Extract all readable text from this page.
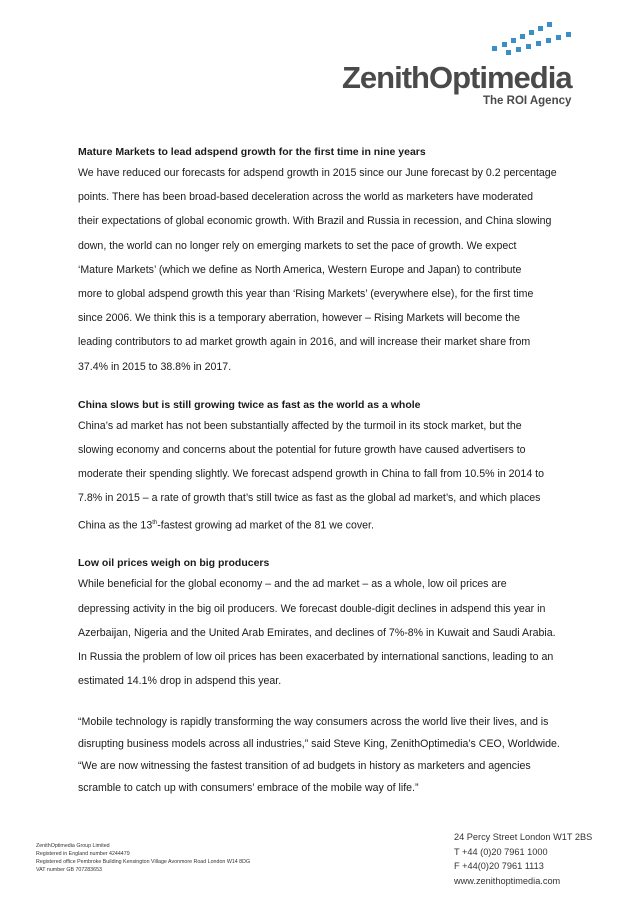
ZenithOptimedia
The ROI Agency

Mature Markets to lead adspend growth for the first time in nine years

We have reduced our forecasts for adspend growth in 2015 since our June forecast by 0.2 percentage
points. There has been broad-based deceleration across the world as marketers have moderated
their expectations of global economic growth. With Brazil and Russia in recession, and China slowing
down, the world can no longer rely on emerging markets to set the pace of growth. We expect
‘Mature Markets’ (which we define as North America, Western Europe and Japan) to contribute
more to global adspend growth this year than ‘Rising Markets’ (everywhere else), for the first time
since 2006. We think this is a temporary aberration, however – Rising Markets will become the
leading contributors to ad market growth again in 2016, and will increase their market share from
37.4% in 2015 to 38.8% in 2017.

China slows but is still growing twice as fast as the world as a whole

China’s ad market has not been substantially affected by the turmoil in its stock market, but the
slowing economy and concerns about the potential for future growth have caused advertisers to
moderate their spending slightly. We forecast adspend growth in China to fall from 10.5% in 2014 to
7.8% in 2015 – a rate of growth that’s still twice as fast as the global ad market’s, and which places
China as the 13th-fastest growing ad market of the 81 we cover.

Low oil prices weigh on big producers

While beneficial for the global economy – and the ad market – as a whole, low oil prices are
depressing activity in the big oil producers. We forecast double-digit declines in adspend this year in
Azerbaijan, Nigeria and the United Arab Emirates, and declines of 7%-8% in Kuwait and Saudi Arabia.
In Russia the problem of low oil prices has been exacerbated by international sanctions, leading to an
estimated 14.1% drop in adspend this year.

“Mobile technology is rapidly transforming the way consumers across the world live their lives, and is
disrupting business models across all industries,” said Steve King, ZenithOptimedia’s CEO, Worldwide.
“We are now witnessing the fastest transition of ad budgets in history as marketers and agencies
scramble to catch up with consumers’ embrace of the mobile way of life.”

ZenithOptimedia Group Limited
Registered in England number 4244479
Registered office Pembroke Building Kensington Village Avonmore Road London W14 8DG
VAT number GB 707283653
24 Percy Street London W1T 2BS
T +44 (0)20 7961 1000
F +44(0)20 7961 1113
www.zenithoptimedia.com
